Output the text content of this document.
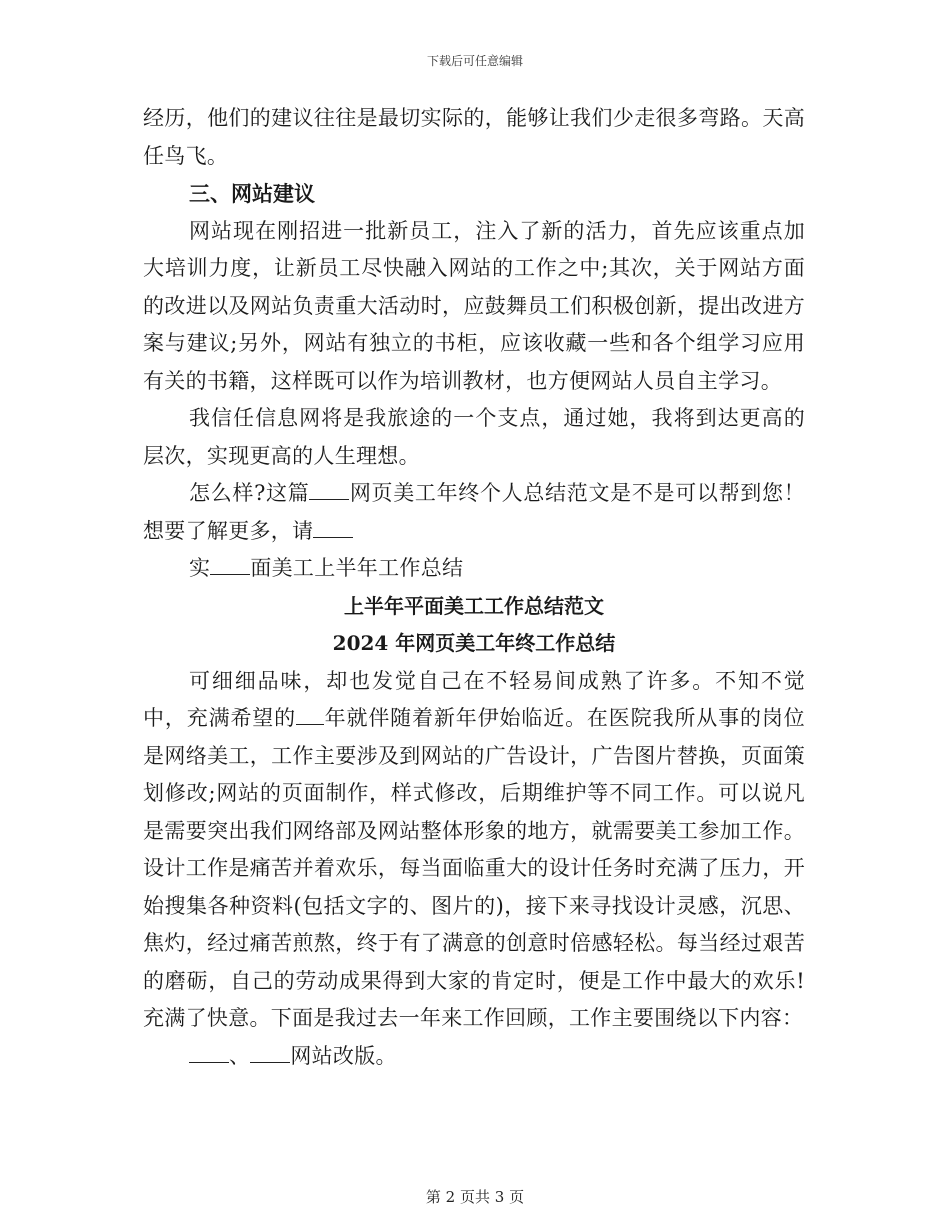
下载后可任意编辑

经历，他们的建议往往是最切实际的，能够让我们少走很多弯路。天高任鸟飞。

三、网站建议

网站现在刚招进一批新员工，注入了新的活力，首先应该重点加大培训力度，让新员工尽快融入网站的工作之中;其次，关于网站方面的改进以及网站负责重大活动时，应鼓舞员工们积极创新，提出改进方案与建议;另外，网站有独立的书柜，应该收藏一些和各个组学习应用有关的书籍，这样既可以作为培训教材，也方便网站人员自主学习。

我信任信息网将是我旅途的一个支点，通过她，我将到达更高的层次，实现更高的人生理想。

怎么样?这篇 网页美工年终个人总结范文是不是可以帮到您！想要了解更多，请

实 面美工上半年工作总结

上半年平面美工工作总结范文

2024 年网页美工年终工作总结

可细细品味，却也发觉自己在不轻易间成熟了许多。不知不觉中，充满希望的 年就伴随着新年伊始临近。在医院我所从事的岗位是网络美工，工作主要涉及到网站的广告设计，广告图片替换，页面策划修改;网站的页面制作，样式修改，后期维护等不同工作。可以说凡是需要突出我们网络部及网站整体形象的地方，就需要美工参加工作。设计工作是痛苦并着欢乐，每当面临重大的设计任务时充满了压力，开始搜集各种资料(包括文字的、图片的)，接下来寻找设计灵感，沉思、焦灼，经过痛苦煎熬，终于有了满意的创意时倍感轻松。每当经过艰苦的磨砺，自己的劳动成果得到大家的肯定时，便是工作中最大的欢乐!充满了快意。下面是我过去一年来工作回顾，工作主要围绕以下内容：

、 网站改版。

第 2 页共 3 页
